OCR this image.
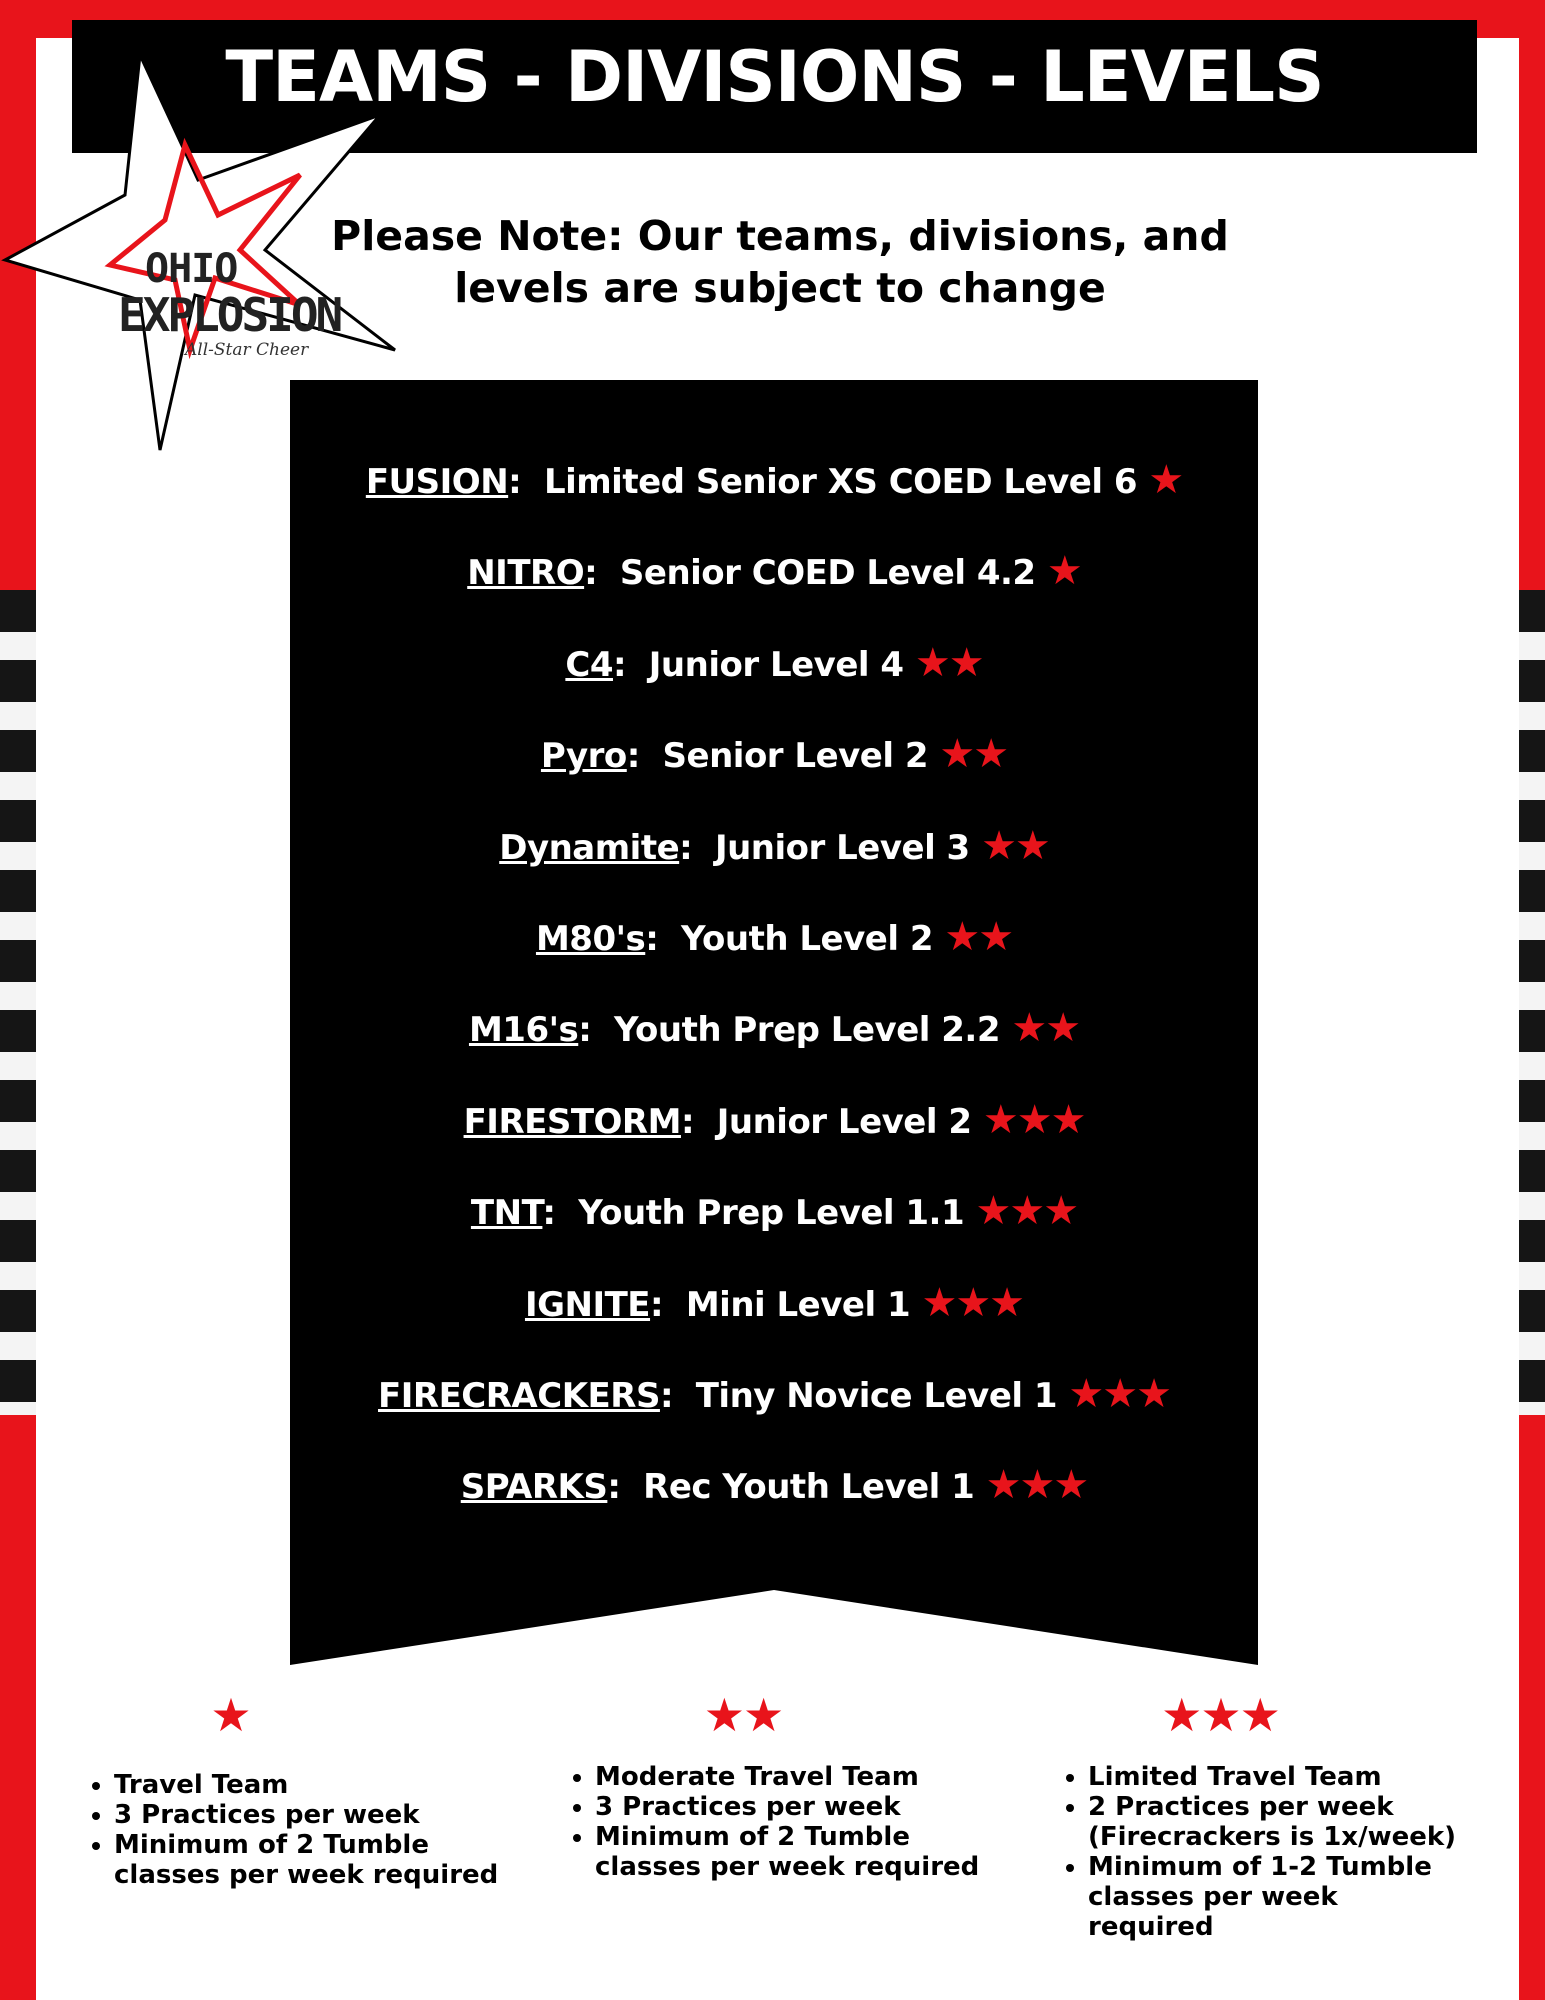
TEAMS - DIVISIONS - LEVELS
OHIO
EXPLOSION
All-Star Cheer
Please Note: Our teams, divisions, and
levels are subject to change
FUSION:  Limited Senior XS COED Level 6 ★
NITRO:  Senior COED Level 4.2 ★
C4:  Junior Level 4 ★★
Pyro:  Senior Level 2 ★★
Dynamite:  Junior Level 3 ★★
M80's:  Youth Level 2 ★★
M16's:  Youth Prep Level 2.2 ★★
FIRESTORM:  Junior Level 2 ★★★
TNT:  Youth Prep Level 1.1 ★★★
IGNITE:  Mini Level 1 ★★★
FIRECRACKERS:  Tiny Novice Level 1 ★★★
SPARKS:  Rec Youth Level 1 ★★★
★	★★	★★★
• Travel Team
• 3 Practices per week
• Minimum of 2 Tumble classes per week required
• Moderate Travel Team
• 3 Practices per week
• Minimum of 2 Tumble classes per week required
• Limited Travel Team
• 2 Practices per week (Firecrackers is 1x/week)
• Minimum of 1-2 Tumble classes per week required
